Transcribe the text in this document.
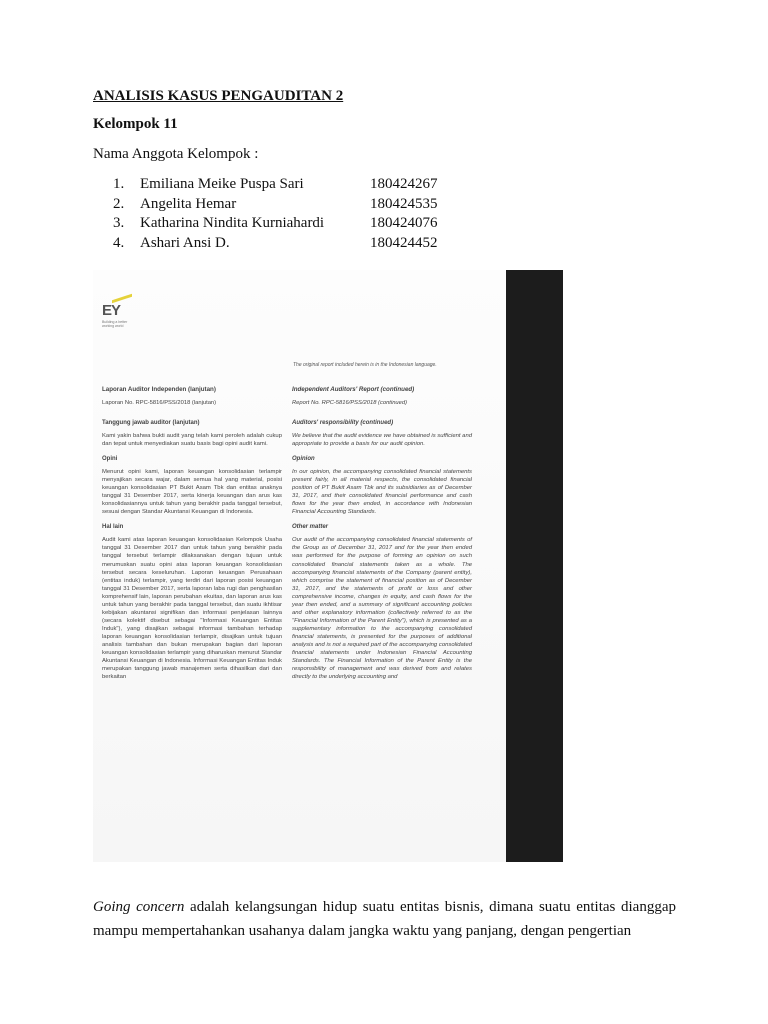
ANALISIS KASUS PENGAUDITAN 2
Kelompok 11
Nama Anggota Kelompok :
1.	Emiliana Meike Puspa Sari	180424267
2.	Angelita Hemar	180424535
3.	Katharina Nindita Kurniahardi	180424076
4.	Ashari Ansi D.	180424452
EY
Building a better working world
The original report included herein is in the Indonesian language.

Laporan Auditor Independen (lanjutan)

Laporan No. RPC-5816/PSS/2018 (lanjutan)

Tanggung jawab auditor (lanjutan)

Kami yakin bahwa bukti audit yang telah kami peroleh adalah cukup dan tepat untuk menyediakan suatu basis bagi opini audit kami.

Opini

Menurut opini kami, laporan keuangan konsolidasian terlampir menyajikan secara wajar, dalam semua hal yang material, posisi keuangan konsolidasian PT Bukit Asam Tbk dan entitas anaknya tanggal 31 Desember 2017, serta kinerja keuangan dan arus kas konsolidasiannya untuk tahun yang berakhir pada tanggal tersebut, sesuai dengan Standar Akuntansi Keuangan di Indonesia.

Hal lain

Audit kami atas laporan keuangan konsolidasian Kelompok Usaha tanggal 31 Desember 2017 dan untuk tahun yang berakhir pada tanggal tersebut terlampir dilaksanakan dengan tujuan untuk merumuskan suatu opini atas laporan keuangan konsolidasian tersebut secara keseluruhan. Laporan keuangan Perusahaan (entitas induk) terlampir, yang terdiri dari laporan posisi keuangan tanggal 31 Desember 2017, serta laporan laba rugi dan penghasilan komprehensif lain, laporan perubahan ekuitas, dan laporan arus kas untuk tahun yang berakhir pada tanggal tersebut, dan suatu ikhtisar kebijakan akuntansi signifikan dan informasi penjelasan lainnya (secara kolektif disebut sebagai "Informasi Keuangan Entitas Induk"), yang disajikan sebagai informasi tambahan terhadap laporan keuangan konsolidasian terlampir, disajikan untuk tujuan analisis tambahan dan bukan merupakan bagian dari laporan keuangan konsolidasian terlampir yang diharuskan menurut Standar Akuntansi Keuangan di Indonesia. Informasi Keuangan Entitas Induk merupakan tanggung jawab manajemen serta dihasilkan dari dan berkaitan

Independent Auditors' Report (continued)

Report No. RPC-5816/PSS/2018 (continued)

Auditors' responsibility (continued)

We believe that the audit evidence we have obtained is sufficient and appropriate to provide a basis for our audit opinion.

Opinion

In our opinion, the accompanying consolidated financial statements present fairly, in all material respects, the consolidated financial position of PT Bukit Asam Tbk and its subsidiaries as of December 31, 2017, and their consolidated financial performance and cash flows for the year then ended, in accordance with Indonesian Financial Accounting Standards.

Other matter

Our audit of the accompanying consolidated financial statements of the Group as of December 31, 2017 and for the year then ended was performed for the purpose of forming an opinion on such consolidated financial statements taken as a whole. The accompanying financial statements of the Company (parent entity), which comprise the statement of financial position as of December 31, 2017, and the statements of profit or loss and other comprehensive income, changes in equity, and cash flows for the year then ended, and a summary of significant accounting policies and other explanatory information (collectively referred to as the "Financial Information of the Parent Entity"), which is presented as a supplementary information to the accompanying consolidated financial statements, is presented for the purposes of additional analysis and is not a required part of the accompanying consolidated financial statements under Indonesian Financial Accounting Standards. The Financial Information of the Parent Entity is the responsibility of management and was derived from and relates directly to the underlying accounting and

Going concern adalah kelangsungan hidup suatu entitas bisnis, dimana suatu entitas dianggap mampu mempertahankan usahanya dalam jangka waktu yang panjang, dengan pengertian
